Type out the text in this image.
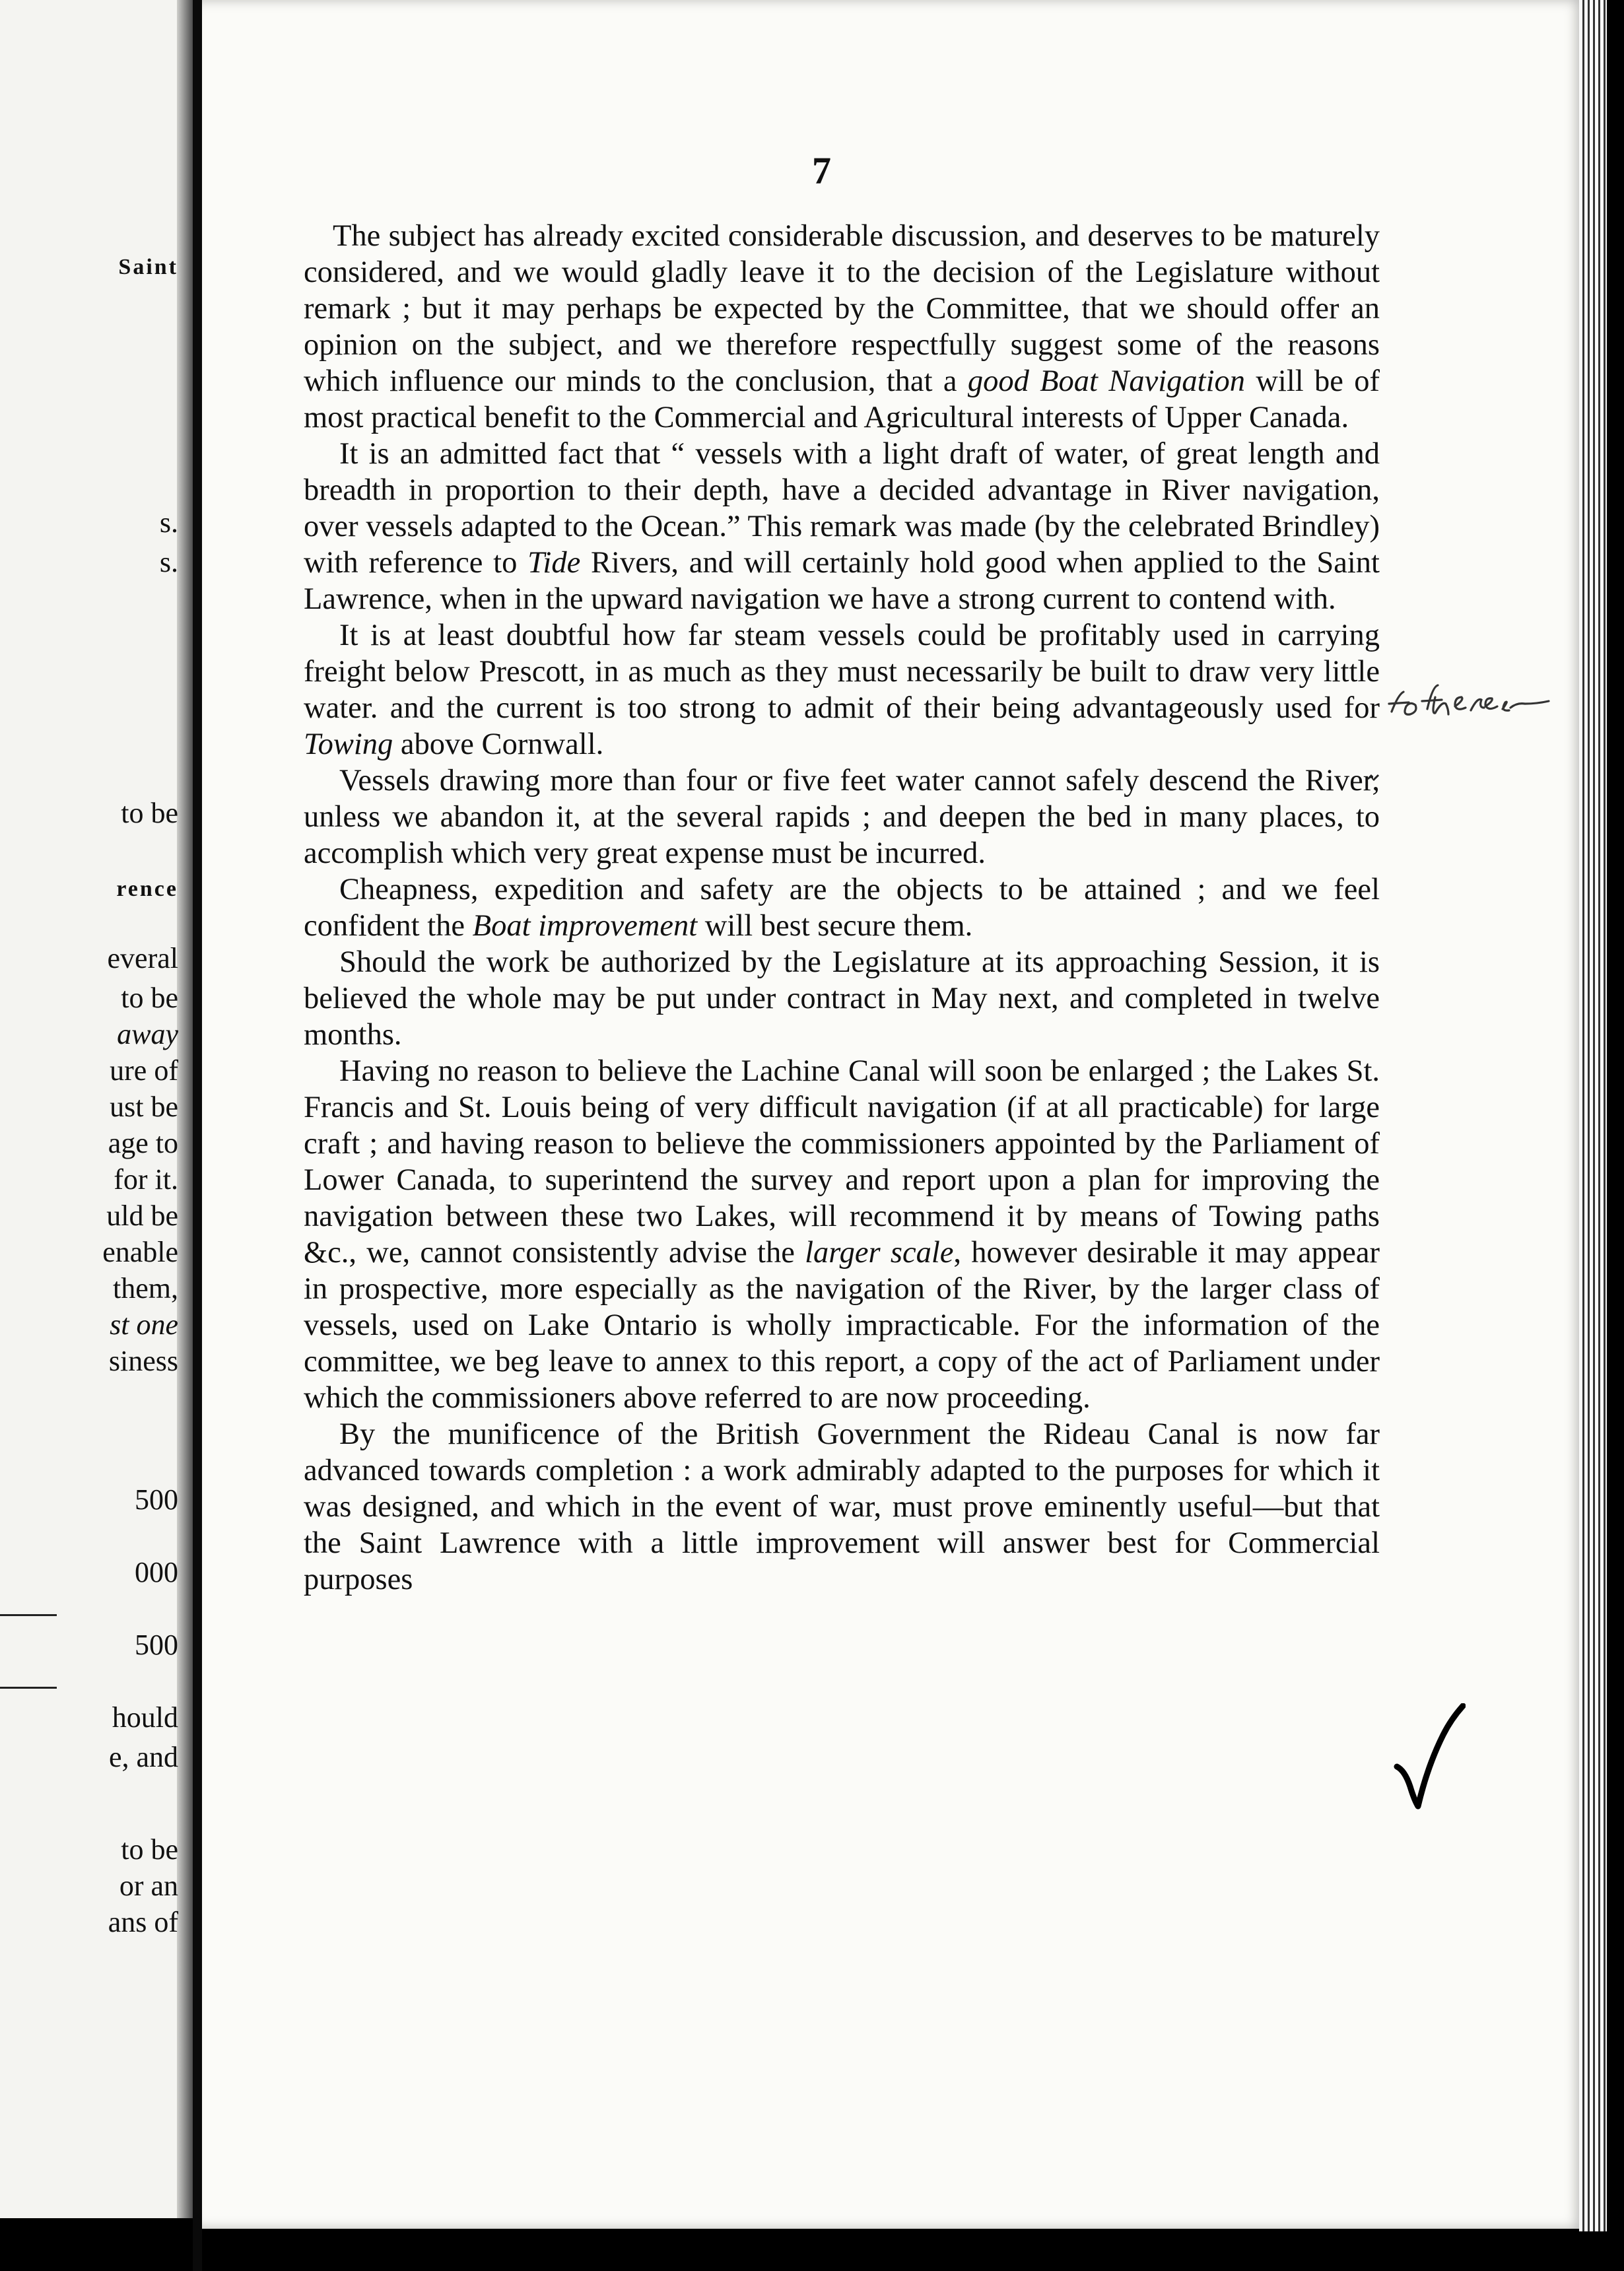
Saint
s.
s.
to be
rence
everal
to be
away
ure of
ust be
age to
for it.
uld be
enable
them,
st one
siness
500
000
500
hould
e, and
to be
or an
ans of
7

The subject has already excited considerable discussion, and deserves to be maturely considered, and we would gladly leave it to the decision of the Legislature without remark ; but it may perhaps be expected by the Committee, that we should offer an opinion on the subject, and we therefore respectfully suggest some of the reasons which influence our minds to the conclusion, that a good Boat Navigation will be of most practical benefit to the Commercial and Agricultural interests of Upper Canada.

It is an admitted fact that “ vessels with a light draft of water, of great length and breadth in proportion to their depth, have a decided advantage in River navigation, over vessels adapted to the Ocean.” This remark was made (by the celebrated Brindley) with reference to Tide Rivers, and will certainly hold good when applied to the Saint Lawrence, when in the upward navigation we have a strong current to contend with.

It is at least doubtful how far steam vessels could be profitably used in carrying freight below Prescott, in as much as they must necessarily be built to draw very little water. and the current is too strong to admit of their being advantageously used for Towing above Cornwall.

Vessels drawing more than four or five feet water cannot safely descend the River, unless we abandon it, at the several rapids ; and deepen the bed in many places, to accomplish which very great expense must be incurred.

Cheapness, expedition and safety are the objects to be attained ; and we feel confident the Boat improvement will best secure them.

Should the work be authorized by the Legislature at its approaching Session, it is believed the whole may be put under contract in May next, and completed in twelve months.

Having no reason to believe the Lachine Canal will soon be enlarged ; the Lakes St. Francis and St. Louis being of very difficult navigation (if at all practicable) for large craft ; and having reason to believe the commissioners appointed by the Parliament of Lower Canada, to superintend the survey and report upon a plan for improving the navigation between these two Lakes, will recommend it by means of Towing paths &c., we, cannot consistently advise the larger scale, however desirable it may appear in prospective, more especially as the navigation of the River, by the larger class of vessels, used on Lake Ontario is wholly impracticable. For the information of the committee, we beg leave to annex to this report, a copy of the act of Parliament under which the commissioners above referred to are now proceeding.

By the munificence of the British Government the Rideau Canal is now far advanced towards completion : a work admirably adapted to the purposes for which it was designed, and which in the event of war, must prove eminently useful—but that the Saint Lawrence with a little improvement will answer best for Commercial purposes
